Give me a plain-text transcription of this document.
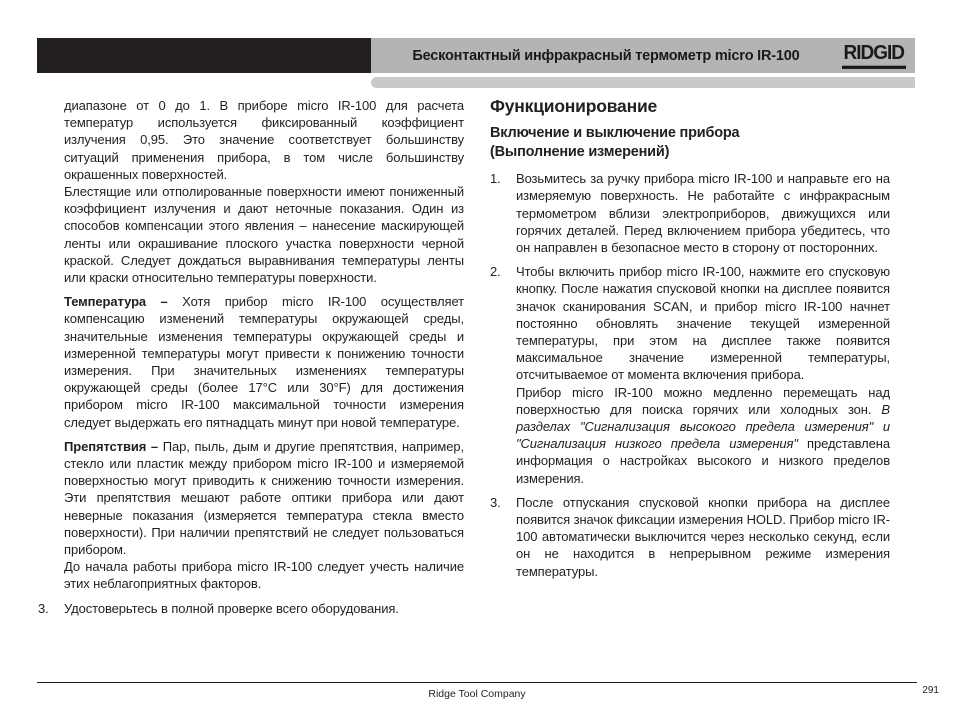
Бесконтактный инфракрасный термометр micro IR-100 RIDGID
диапазоне от 0 до 1. В приборе micro IR-100 для расчета температур используется фиксированный коэффициент излучения 0,95. Это значение соответствует большинству ситуаций применения прибора, в том числе большинству окрашенных поверхностей.
Блестящие или отполированные поверхности имеют пониженный коэффициент излучения и дают неточные показания. Один из способов компенсации этого явления – нанесение маскирующей ленты или окрашивание плоского участка поверхности черной краской. Следует дождаться выравнивания температуры ленты или краски относительно температуры поверхности.
Температура – Хотя прибор micro IR-100 осуществляет компенсацию изменений температуры окружающей среды, значительные изменения температуры окружающей среды и измеренной температуры могут привести к понижению точности измерения. При значительных изменениях температуры окружающей среды (более 17°C или 30°F) для достижения прибором micro IR-100 максимальной точности измерения следует выдержать его пятнадцать минут при новой температуре.
Препятствия – Пар, пыль, дым и другие препятствия, например, стекло или пластик между прибором micro IR-100 и измеряемой поверхностью могут приводить к снижению точности измерения. Эти препятствия мешают работе оптики прибора или дают неверные показания (измеряется температура стекла вместо поверхности). При наличии препятствий не следует пользоваться прибором.
До начала работы прибора micro IR-100 следует учесть наличие этих неблагоприятных факторов.
3. Удостоверьтесь в полной проверке всего оборудования.
Функционирование
Включение и выключение прибора
(Выполнение измерений)
1. Возьмитесь за ручку прибора micro IR-100 и направьте его на измеряемую поверхность. Не работайте с инфракрасным термометром вблизи электроприборов, движущихся или горячих деталей. Перед включением прибора убедитесь, что он направлен в безопасное место в сторону от посторонних.
2. Чтобы включить прибор micro IR-100, нажмите его спусковую кнопку. После нажатия спусковой кнопки на дисплее появится значок сканирования SCAN, и прибор micro IR-100 начнет постоянно обновлять значение текущей измеренной температуры, при этом на дисплее также появится максимальное значение измеренной температуры, отсчитываемое от момента включения прибора.
Прибор micro IR-100 можно медленно перемещать над поверхностью для поиска горячих или холодных зон. В разделах "Сигнализация высокого предела измерения" и "Сигнализация низкого предела измерения" представлена информация о настройках высокого и низкого пределов измерения.
3. После отпускания спусковой кнопки прибора на дисплее появится значок фиксации измерения HOLD. Прибор micro IR-100 автоматически выключится через несколько секунд, если он не находится в непрерывном режиме измерения температуры.
Ridge Tool Company	291
